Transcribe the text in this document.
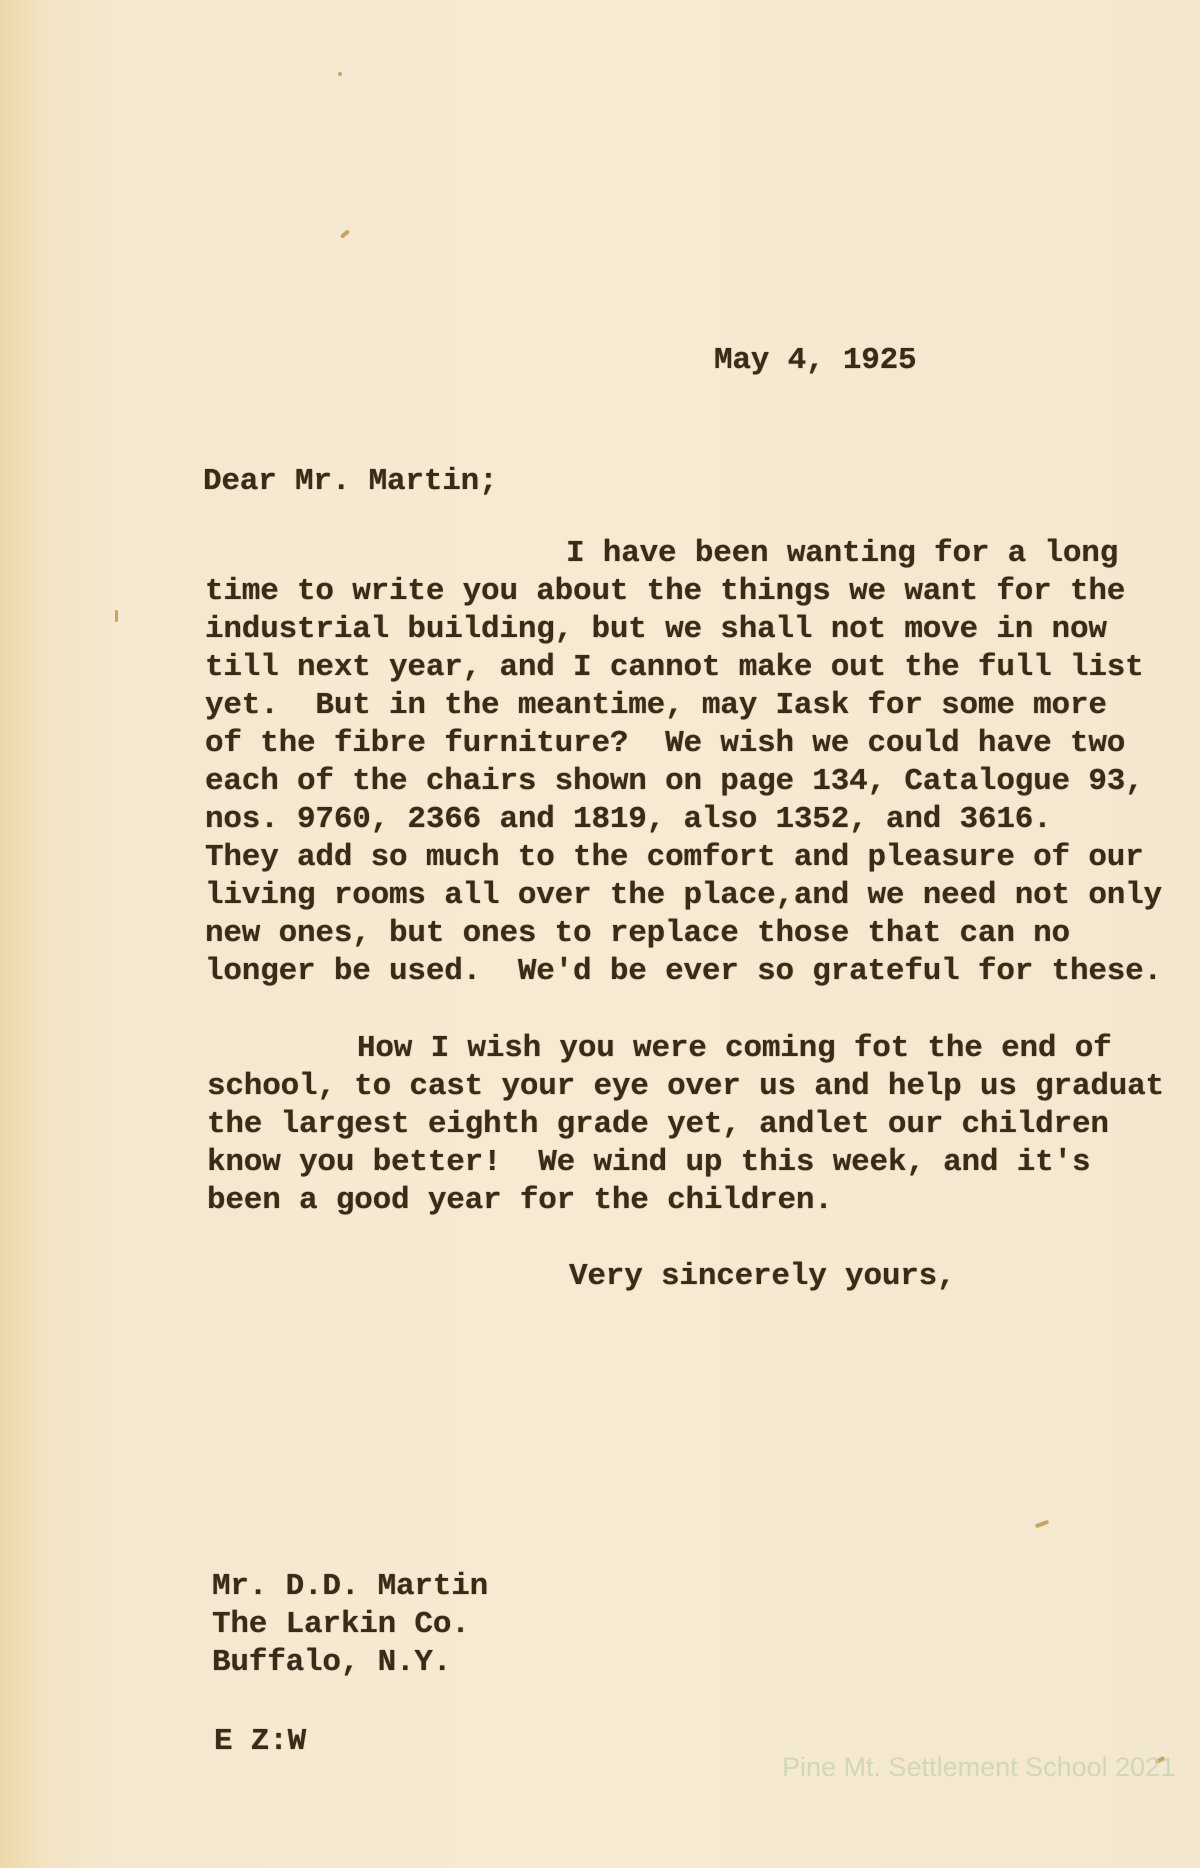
May 4, 1925
Dear Mr. Martin;
I have been wanting for a long
time to write you about the things we want for the
industrial building, but we shall not move in now
till next year, and I cannot make out the full list
yet.  But in the meantime, may Iask for some more
of the fibre furniture?  We wish we could have two
each of the chairs shown on page 134, Catalogue 93,
nos. 9760, 2366 and 1819, also 1352, and 3616.
They add so much to the comfort and pleasure of our
living rooms all over the place,and we need not only
new ones, but ones to replace those that can no
longer be used.  We'd be ever so grateful for these.
How I wish you were coming fot the end of
school, to cast your eye over us and help us graduat
the largest eighth grade yet, andlet our children
know you better!  We wind up this week, and it's
been a good year for the children.
Very sincerely yours,
Mr. D.D. Martin
The Larkin Co.
Buffalo, N.Y.
E Z:W
Pine Mt. Settlement School 2021
